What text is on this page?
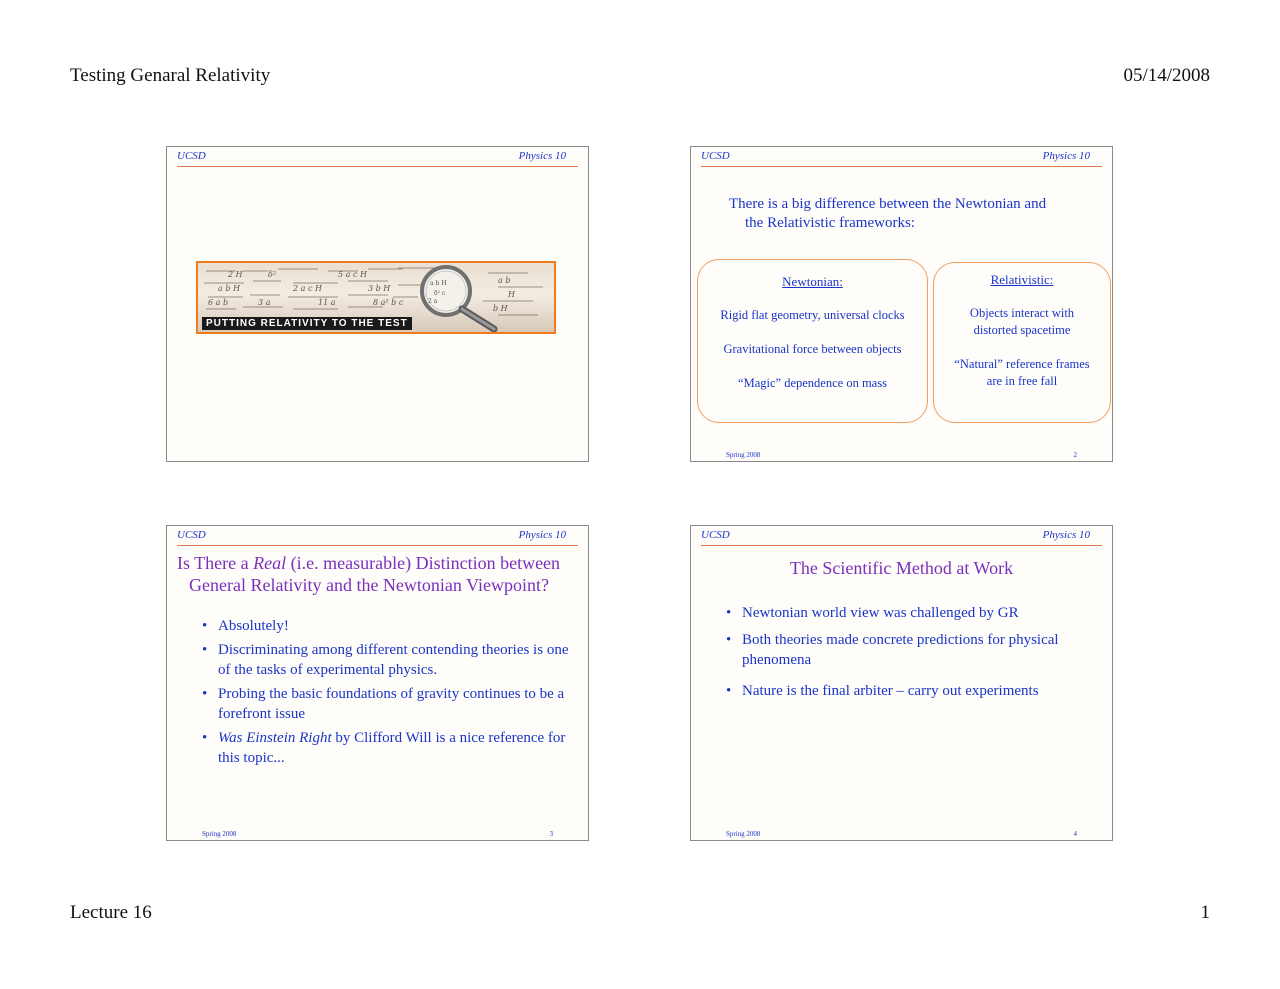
Testing Genaral Relativity	05/14/2008
UCSD	Physics 10
2 H	δ²	5 a c H
a b H	2 a c H	3 b H
6 a b	3 a	11 a	8 a² b c
a b
H
b H
a b H
δ² c
2 a
PUTTING RELATIVITY TO THE TEST
UCSD	Physics 10
There is a big difference between the Newtonian and
the Relativistic frameworks:
Newtonian:
Rigid flat geometry, universal clocks
Gravitational force between objects
“Magic” dependence on mass
Relativistic:
Objects interact with
distorted spacetime
“Natural” reference frames
are in free fall
Spring 2008	2
UCSD	Physics 10
Is There a Real (i.e. measurable) Distinction between
General Relativity and the Newtonian Viewpoint?
• Absolutely!
• Discriminating among different contending theories is one of the tasks of experimental physics.
• Probing the basic foundations of gravity continues to be a forefront issue
• Was Einstein Right by Clifford Will is a nice reference for this topic...
Spring 2008	3
UCSD	Physics 10
The Scientific Method at Work
• Newtonian world view was challenged by GR
• Both theories made concrete predictions for physical phenomena
• Nature is the final arbiter – carry out experiments
Spring 2008	4
Lecture 16	1
